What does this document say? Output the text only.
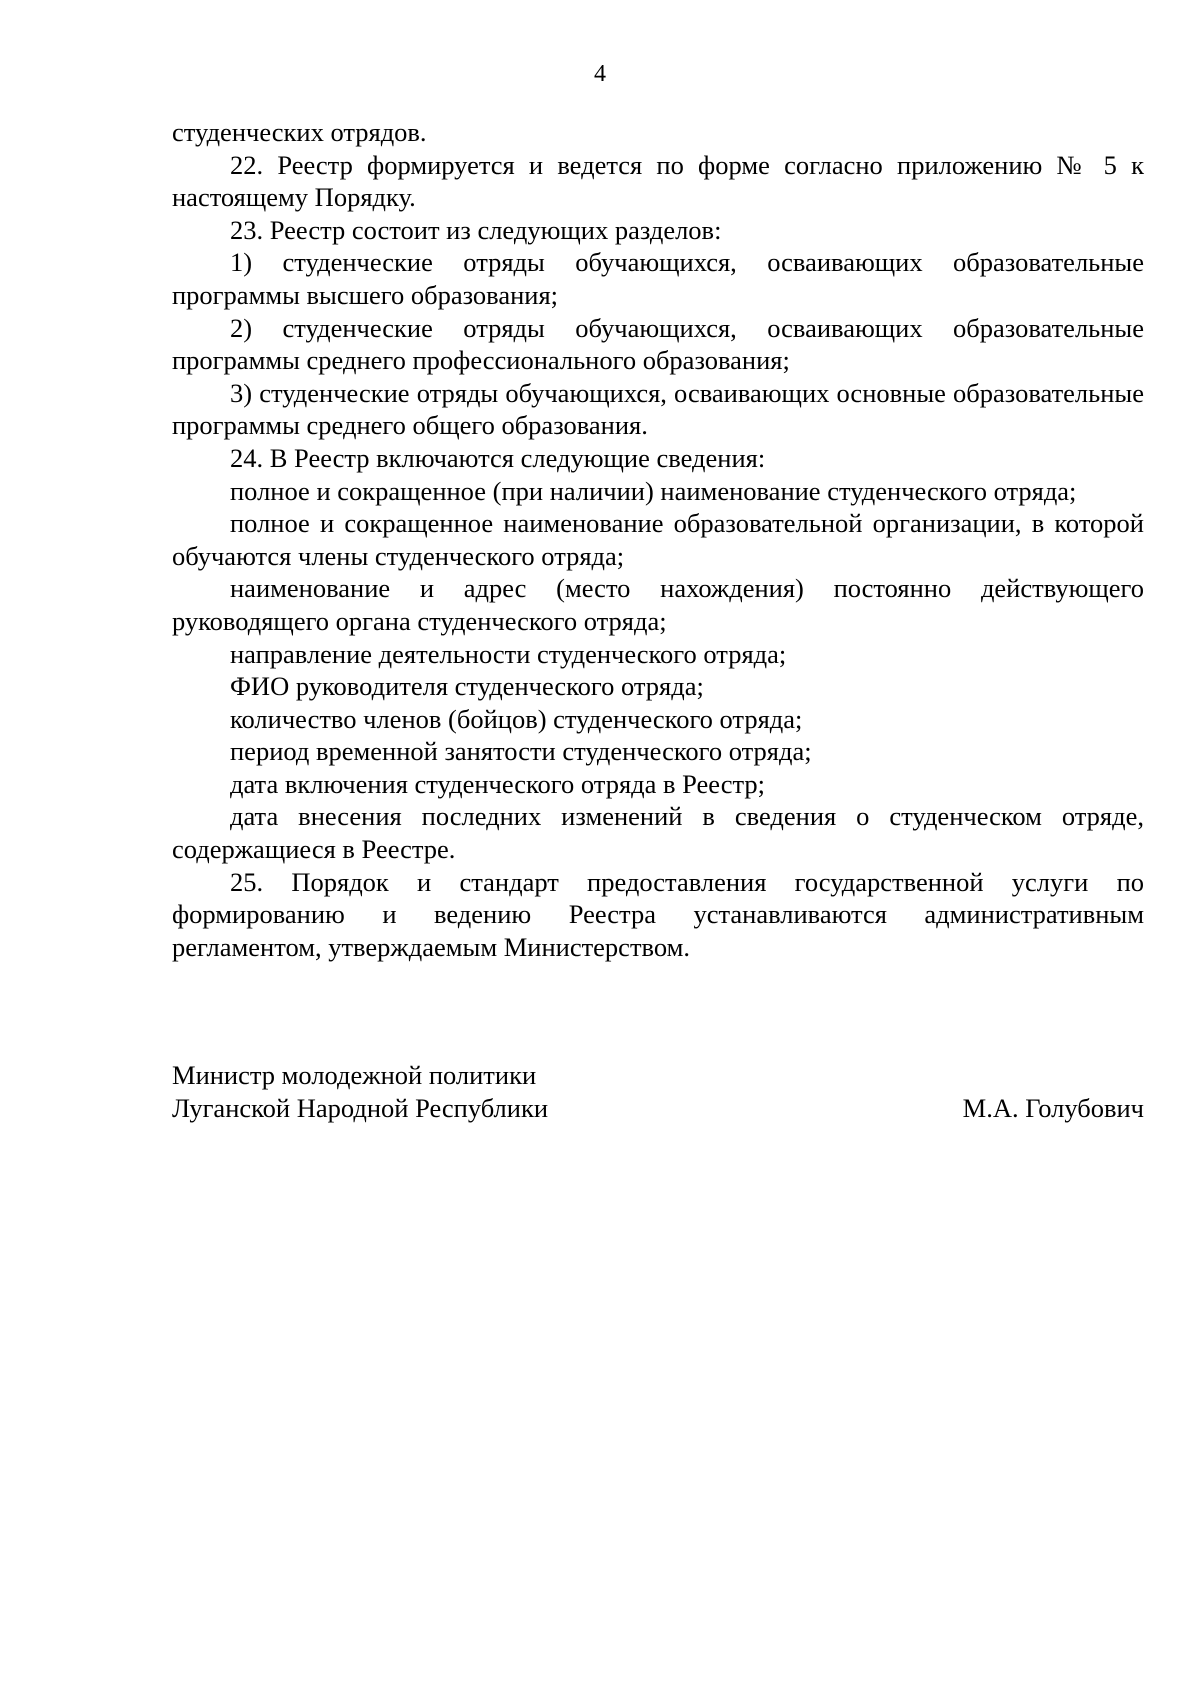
4

студенческих отрядов.

22. Реестр формируется и ведется по форме согласно приложению № 5 к настоящему Порядку.

23. Реестр состоит из следующих разделов:

1) студенческие отряды обучающихся, осваивающих образовательные программы высшего образования;

2) студенческие отряды обучающихся, осваивающих образовательные программы среднего профессионального образования;

3) студенческие отряды обучающихся, осваивающих основные образовательные программы среднего общего образования.

24. В Реестр включаются следующие сведения:

полное и сокращенное (при наличии) наименование студенческого отряда;

полное и сокращенное наименование образовательной организации, в которой обучаются члены студенческого отряда;

наименование и адрес (место нахождения) постоянно действующего руководящего органа студенческого отряда;

направление деятельности студенческого отряда;

ФИО руководителя студенческого отряда;

количество членов (бойцов) студенческого отряда;

период временной занятости студенческого отряда;

дата включения студенческого отряда в Реестр;

дата внесения последних изменений в сведения о студенческом отряде, содержащиеся в Реестре.

25. Порядок и стандарт предоставления государственной услуги по формированию и ведению Реестра устанавливаются административным регламентом, утверждаемым Министерством.

Министр молодежной политики
Луганской Народной Республики	М.А. Голубович
